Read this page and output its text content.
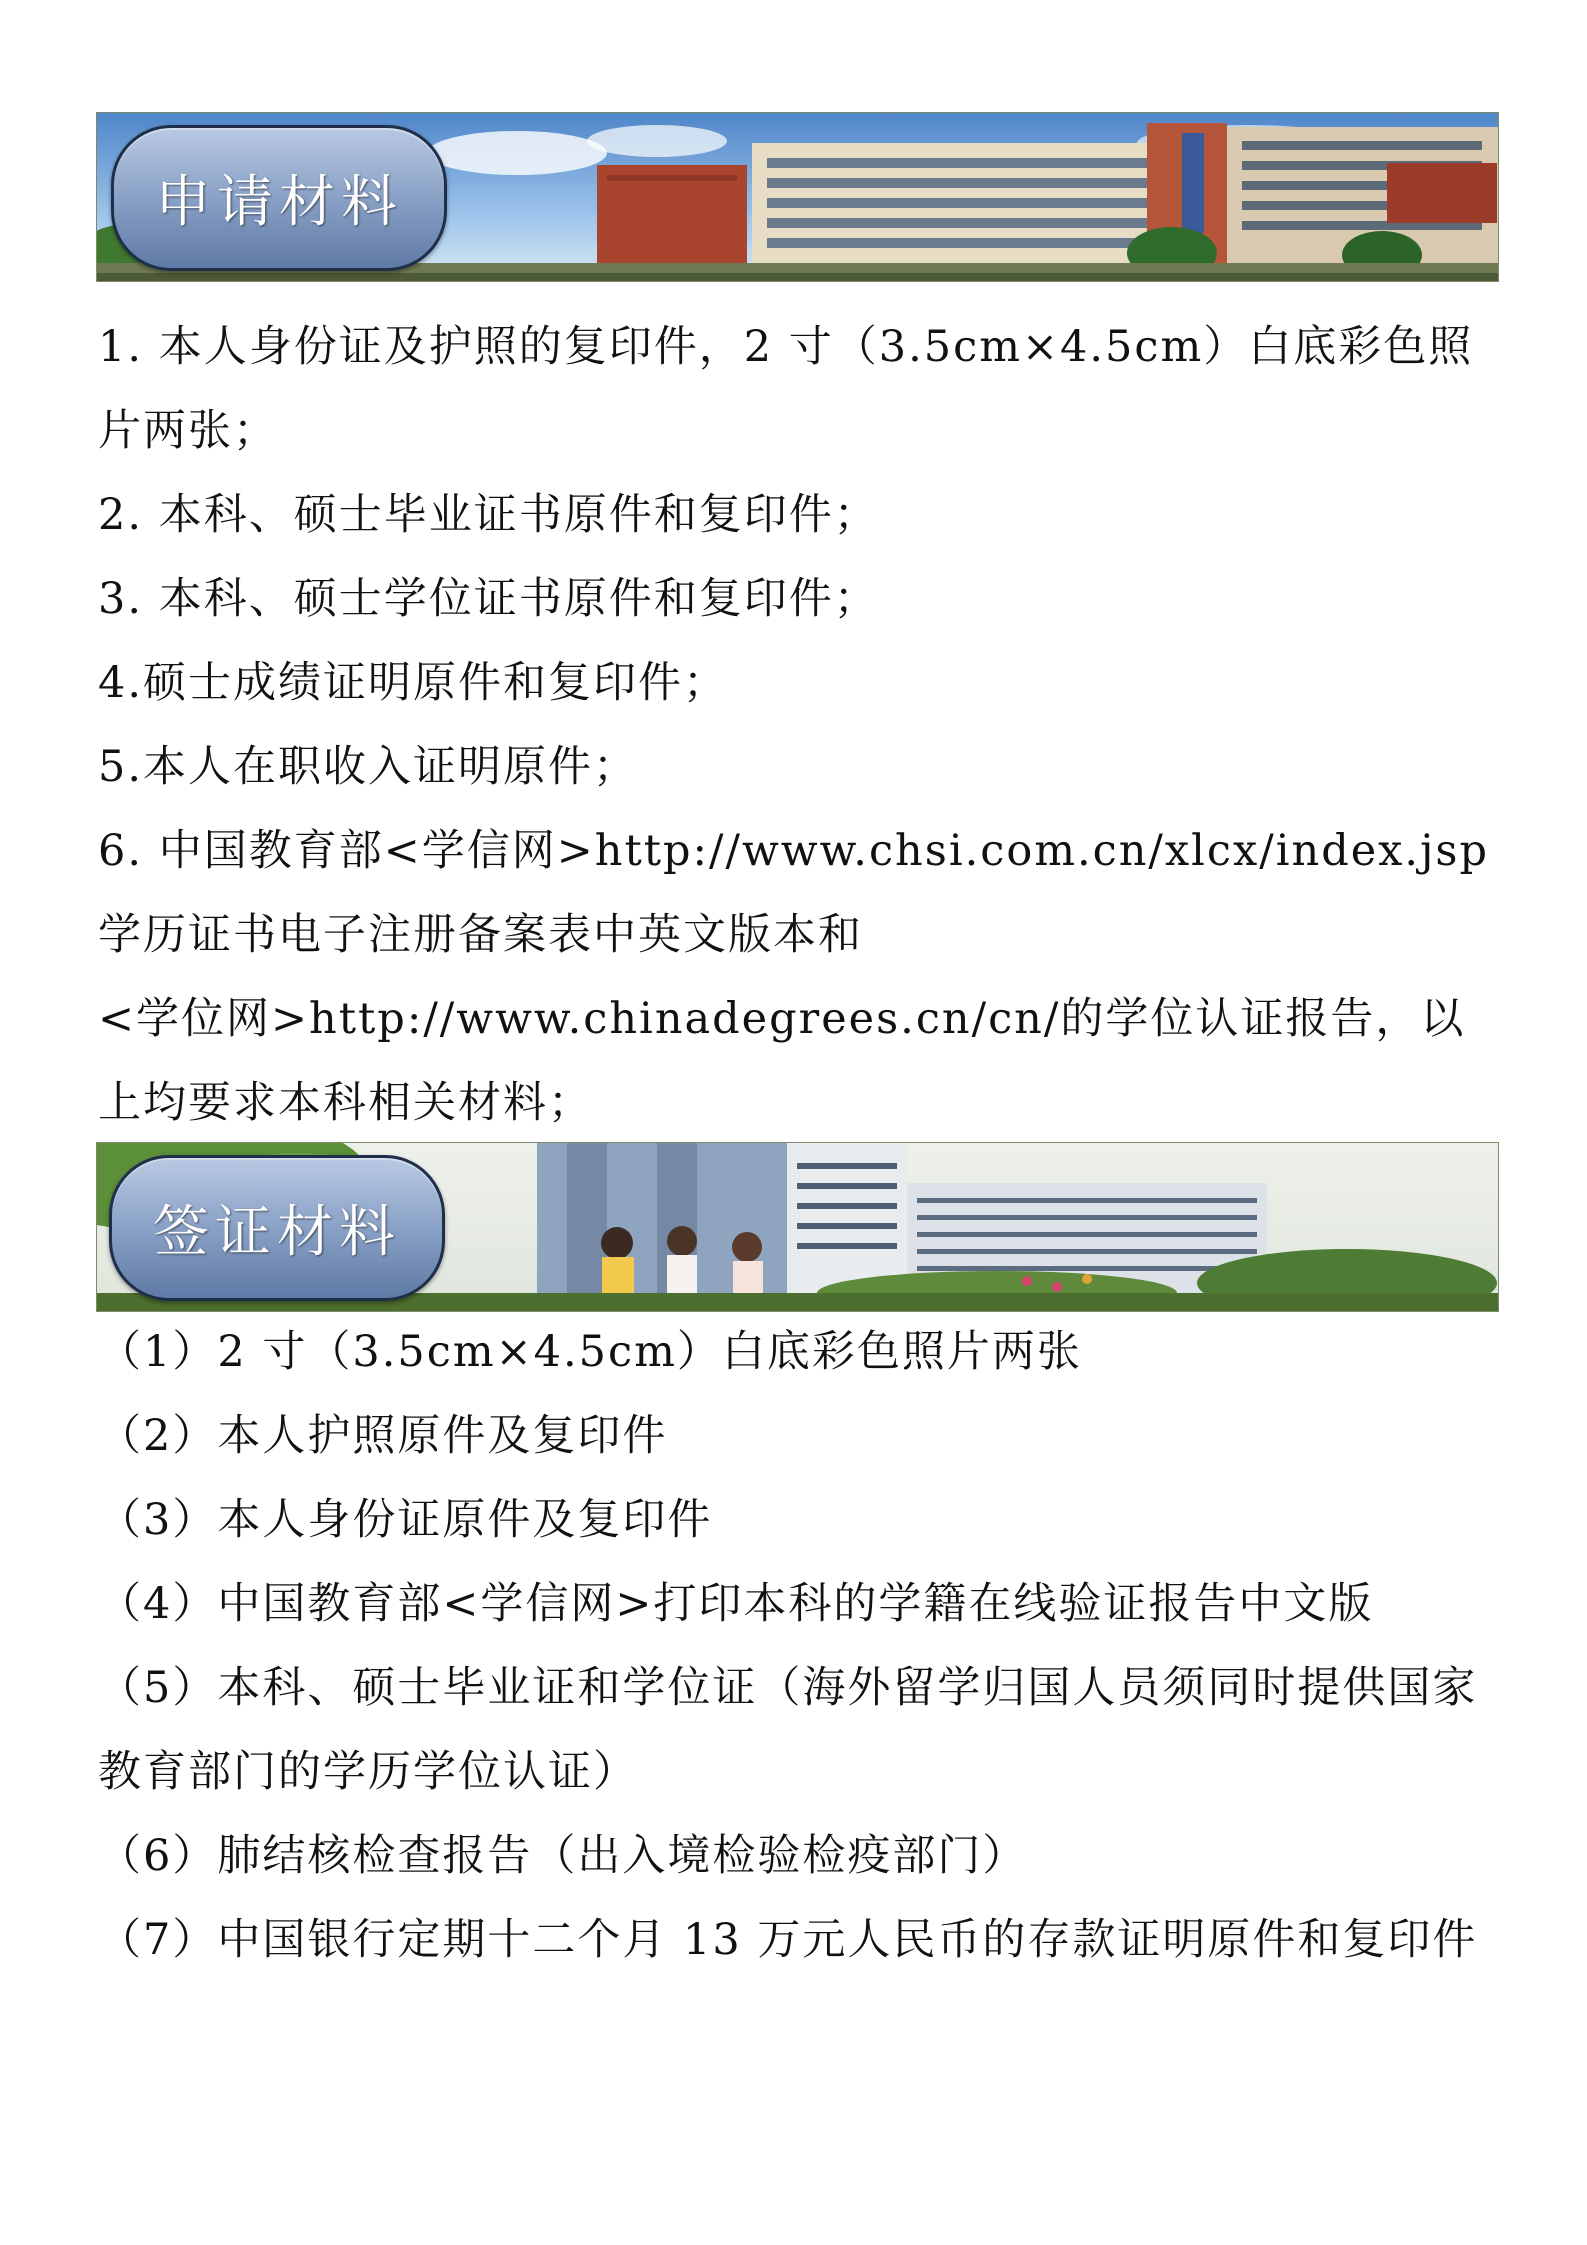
申请材料
1. 本人身份证及护照的复印件，2 寸（3.5cm×4.5cm）白底彩色照片两张；
2. 本科、硕士毕业证书原件和复印件；
3. 本科、硕士学位证书原件和复印件；
4.硕士成绩证明原件和复印件；
5.本人在职收入证明原件；
6. 中国教育部<学信网>http://www.chsi.com.cn/xlcx/index.jsp学历证书电子注册备案表中英文版本和
<学位网>http://www.chinadegrees.cn/cn/的学位认证报告，以上均要求本科相关材料；
签证材料
（1）2 寸（3.5cm×4.5cm）白底彩色照片两张
（2）本人护照原件及复印件
（3）本人身份证原件及复印件
（4）中国教育部<学信网>打印本科的学籍在线验证报告中文版
（5）本科、硕士毕业证和学位证（海外留学归国人员须同时提供国家教育部门的学历学位认证）
（6）肺结核检查报告（出入境检验检疫部门）
（7）中国银行定期十二个月 13 万元人民币的存款证明原件和复印件
